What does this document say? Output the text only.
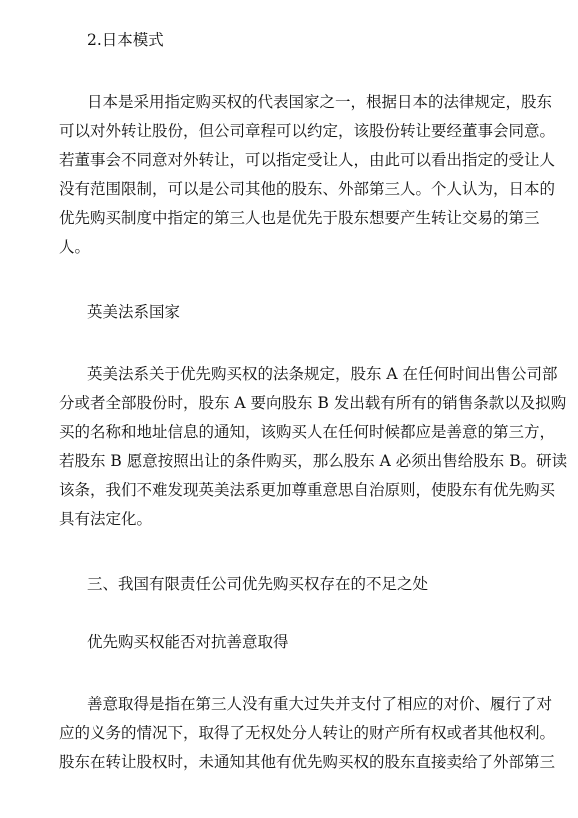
2.日本模式
日本是采用指定购买权的代表国家之一，根据日本的法律规定，股东
可以对外转让股份，但公司章程可以约定，该股份转让要经董事会同意。
若董事会不同意对外转让，可以指定受让人，由此可以看出指定的受让人
没有范围限制，可以是公司其他的股东、外部第三人。个人认为，日本的
优先购买制度中指定的第三人也是优先于股东想要产生转让交易的第三
人。
英美法系国家
英美法系关于优先购买权的法条规定，股东 A 在任何时间出售公司部
分或者全部股份时，股东 A 要向股东 B 发出载有所有的销售条款以及拟购
买的名称和地址信息的通知，该购买人在任何时候都应是善意的第三方，
若股东 B 愿意按照出让的条件购买，那么股东 A 必须出售给股东 B。研读
该条，我们不难发现英美法系更加尊重意思自治原则，使股东有优先购买
具有法定化。
三、我国有限责任公司优先购买权存在的不足之处
优先购买权能否对抗善意取得
善意取得是指在第三人没有重大过失并支付了相应的对价、履行了对
应的义务的情况下，取得了无权处分人转让的财产所有权或者其他权利。
股东在转让股权时，未通知其他有优先购买权的股东直接卖给了外部第三
